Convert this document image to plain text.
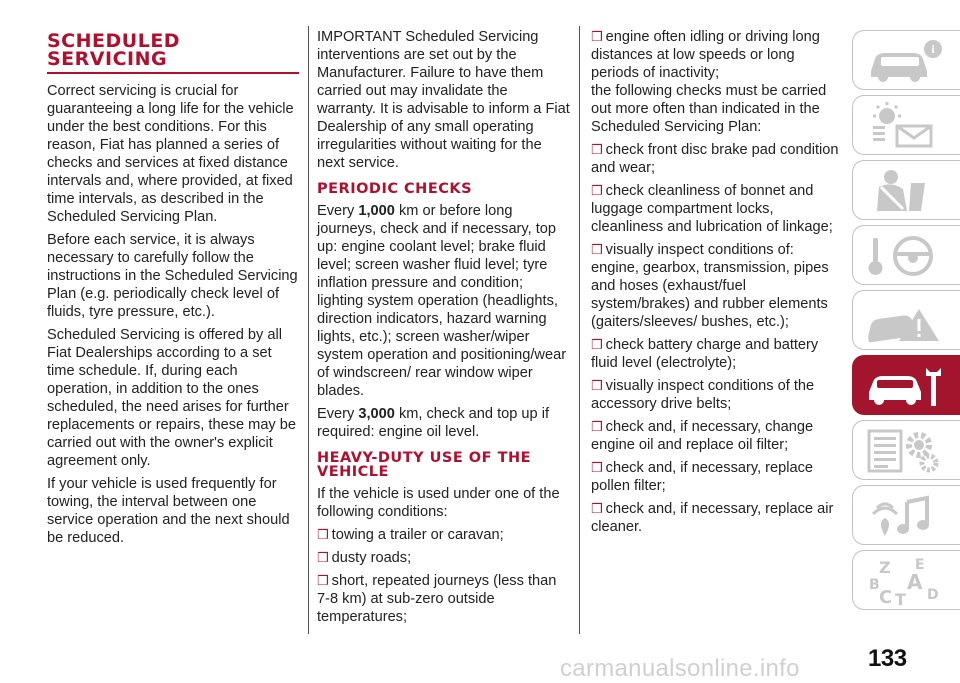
SCHEDULED SERVICING

Correct servicing is crucial for guaranteeing a long life for the vehicle under the best conditions. For this reason, Fiat has planned a series of checks and services at fixed distance intervals and, where provided, at fixed time intervals, as described in the Scheduled Servicing Plan.

Before each service, it is always necessary to carefully follow the instructions in the Scheduled Servicing Plan (e.g. periodically check level of fluids, tyre pressure, etc.).

Scheduled Servicing is offered by all Fiat Dealerships according to a set time schedule. If, during each operation, in addition to the ones scheduled, the need arises for further replacements or repairs, these may be carried out with the owner's explicit agreement only.

If your vehicle is used frequently for towing, the interval between one service operation and the next should be reduced.

IMPORTANT Scheduled Servicing interventions are set out by the Manufacturer. Failure to have them carried out may invalidate the warranty. It is advisable to inform a Fiat Dealership of any small operating irregularities without waiting for the next service.

PERIODIC CHECKS

Every 1,000 km or before long journeys, check and if necessary, top up: engine coolant level; brake fluid level; screen washer fluid level; tyre inflation pressure and condition; lighting system operation (headlights, direction indicators, hazard warning lights, etc.); screen washer/wiper system operation and positioning/wear of windscreen/ rear window wiper blades.

Every 3,000 km, check and top up if required: engine oil level.

HEAVY-DUTY USE OF THE VEHICLE

If the vehicle is used under one of the following conditions:

❒ towing a trailer or caravan;
❒ dusty roads;
❒ short, repeated journeys (less than 7-8 km) at sub-zero outside temperatures;
❒ engine often idling or driving long distances at low speeds or long periods of inactivity;

the following checks must be carried out more often than indicated in the Scheduled Servicing Plan:

❒ check front disc brake pad condition and wear;
❒ check cleanliness of bonnet and luggage compartment locks, cleanliness and lubrication of linkage;
❒ visually inspect conditions of: engine, gearbox, transmission, pipes and hoses (exhaust/fuel system/brakes) and rubber elements (gaiters/sleeves/ bushes, etc.);
❒ check battery charge and battery fluid level (electrolyte);
❒ visually inspect conditions of the accessory drive belts;
❒ check and, if necessary, change engine oil and replace oil filter;
❒ check and, if necessary, replace pollen filter;
❒ check and, if necessary, replace air cleaner.
i
Z E
B A
C D
T
carmanualsonline.info	133
